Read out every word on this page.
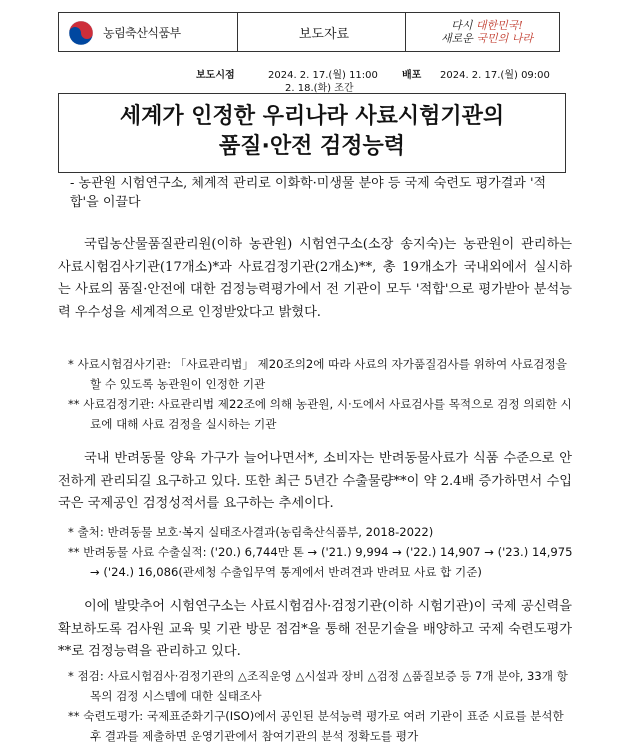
농림축산식품부	보도자료
다시 대한민국!
새로운 국민의 나라
보도시점	2024. 2. 17.(월) 11:00
2. 18.(화) 조간
배포 2024. 2. 17.(월) 09:00
세계가 인정한 우리나라 사료시험기관의
품질·안전 검정능력
- 농관원 시험연구소, 체계적 관리로 이화학·미생물 분야 등 국제 숙련도 평가결과 '적합'을 이끌다
국립농산물품질관리원(이하 농관원) 시험연구소(소장 송지숙)는 농관원이 관리하는 사료시험검사기관(17개소)*과 사료검정기관(2개소)**, 총 19개소가 국내외에서 실시하는 사료의 품질·안전에 대한 검정능력평가에서 전 기관이 모두 '적합'으로 평가받아 분석능력 우수성을 세계적으로 인정받았다고 밝혔다.
* 사료시험검사기관: 「사료관리법」 제20조의2에 따라 사료의 자가품질검사를 위하여 사료검정을 할 수 있도록 농관원이 인정한 기관
** 사료검정기관: 사료관리법 제22조에 의해 농관원, 시·도에서 사료검사를 목적으로 검정 의뢰한 시료에 대해 사료 검정을 실시하는 기관
국내 반려동물 양육 가구가 늘어나면서*, 소비자는 반려동물사료가 식품 수준으로 안전하게 관리되길 요구하고 있다. 또한 최근 5년간 수출물량**이 약 2.4배 증가하면서 수입국은 국제공인 검정성적서를 요구하는 추세이다.
* 출처: 반려동물 보호·복지 실태조사결과(농림축산식품부, 2018-2022)
** 반려동물 사료 수출실적: ('20.) 6,744만 톤 → ('21.) 9,994 → ('22.) 14,907 → ('23.) 14,975 → ('24.) 16,086(관세청 수출입무역 통계에서 반려견과 반려묘 사료 합 기준)
이에 발맞추어 시험연구소는 사료시험검사·검정기관(이하 시험기관)이 국제 공신력을 확보하도록 검사원 교육 및 기관 방문 점검*을 통해 전문기술을 배양하고 국제 숙련도평가**로 검정능력을 관리하고 있다.
* 점검: 사료시험검사·검정기관의 △조직운영 △시설과 장비 △검정 △품질보증 등 7개 분야, 33개 항목의 검정 시스템에 대한 실태조사
** 숙련도평가: 국제표준화기구(ISO)에서 공인된 분석능력 평가로 여러 기관이 표준 시료를 분석한 후 결과를 제출하면 운영기관에서 참여기관의 분석 정확도를 평가
